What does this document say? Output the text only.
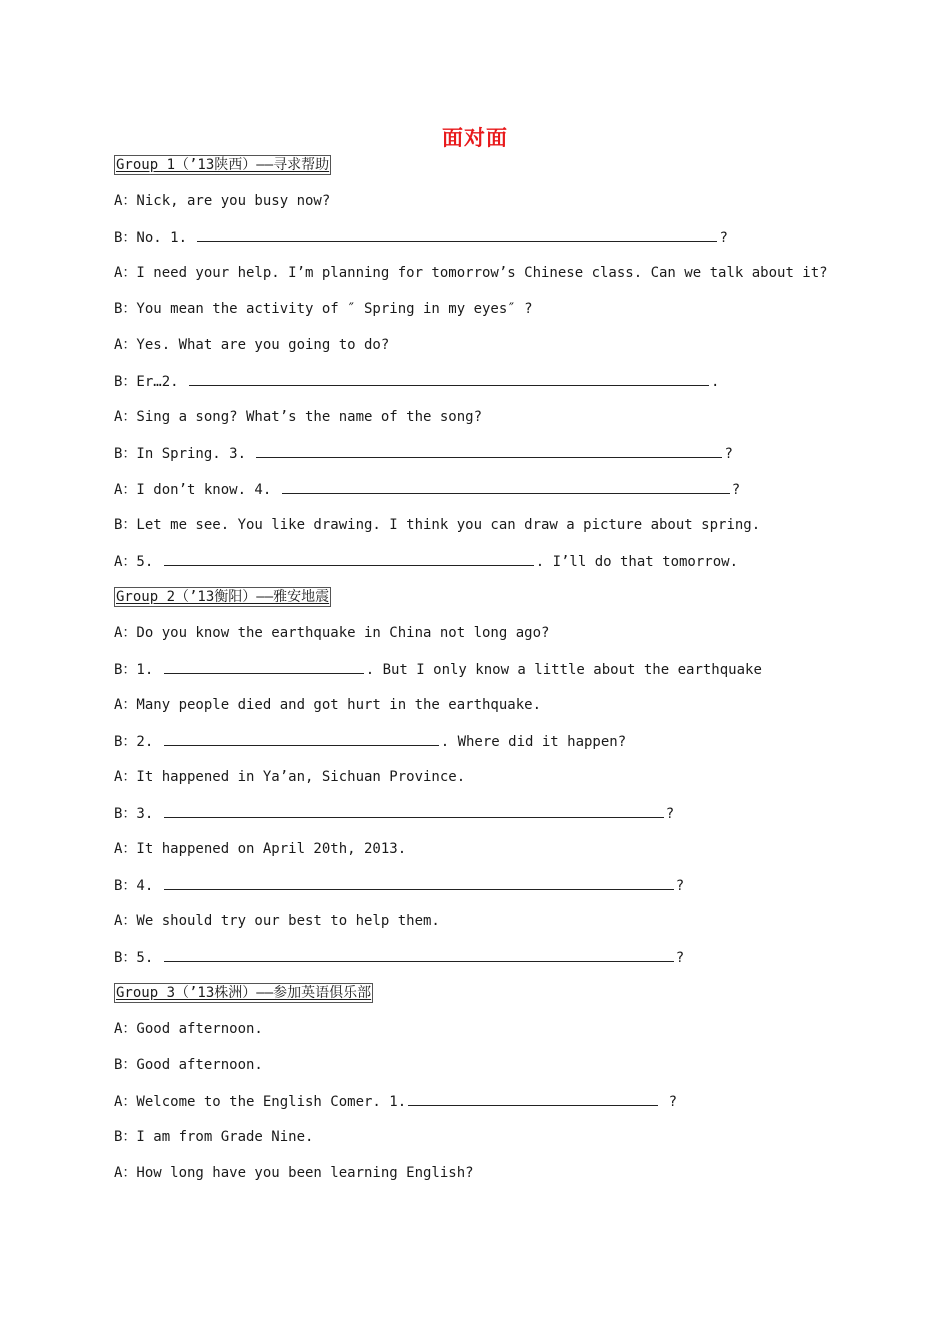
面对面
Group 1（’13陕西）——寻求帮助
A：Nick, are you busy now?
B：No. 1.	?
A：I need your help. I’m planning for tomorrow’s Chinese class. Can we talk about it?
B：You mean the activity of ″ Spring in my eyes″ ?
A：Yes. What are you going to do?
B：Er…2.	.
A：Sing a song? What’s the name of the song?
B：In Spring. 3.	?
A：I don’t know. 4.	?
B：Let me see. You like drawing. I think you can draw a picture about spring.
A：5.	. I’ll do that tomorrow.
Group 2（’13衡阳）——雅安地震
A：Do you know the earthquake in China not long ago?
B：1.	. But I only know a little about the earthquake
A：Many people died and got hurt in the earthquake.
B：2.	. Where did it happen?
A：It happened in Ya’an, Sichuan Province.
B：3.	?
A：It happened on April 20th, 2013.
B：4.	?
A：We should try our best to help them.
B：5.	?
Group 3（’13株洲）——参加英语俱乐部
A：Good afternoon.
B：Good afternoon.
A：Welcome to the English Comer. 1.	?
B：I am from Grade Nine.
A：How long have you been learning English?
